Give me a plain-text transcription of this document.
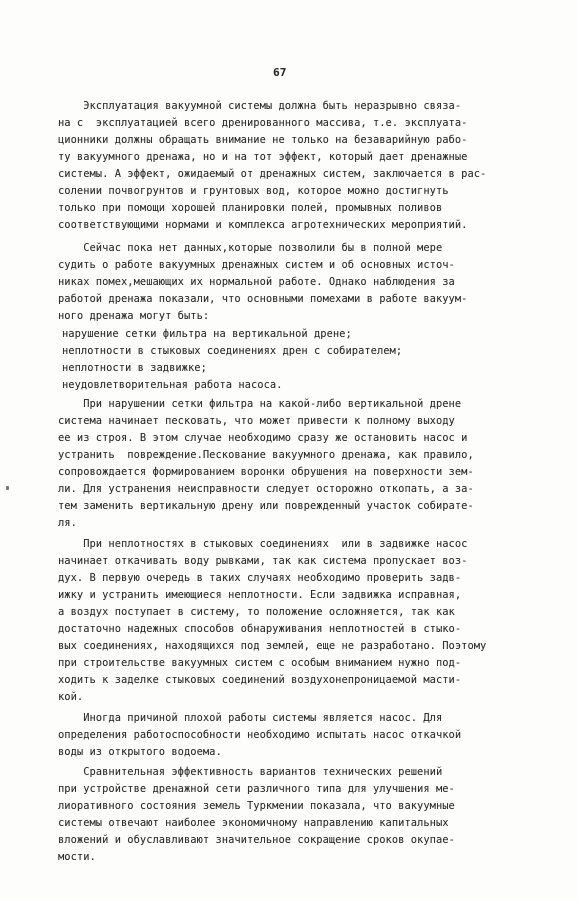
67
Эксплуатация вакуумной системы должна быть неразрывно связа-
на с  эксплуатацией всего дренированного массива, т.е. эксплуата-
ционники должны обращать внимание не только на безаварийную рабо-
ту вакуумного дренажа, но и на тот эффект, который дает дренажные
системы. А эффект, ожидаемый от дренажных систем, заключается в рас-
солении почвогрунтов и грунтовых вод, которое можно достигнуть
только при помощи хорошей планировки полей, промывных поливов
соответствующими нормами и комплекса агротехнических мероприятий.
Сейчас пока нет данных,которые позволили бы в полной мере
судить о работе вакуумных дренажных систем и об основных источ-
никах помех,мешающих их нормальной работе. Однако наблюдения за
работой дренажа показали, что основными помехами в работе вакуум-
ного дренажа могут быть:
нарушение сетки фильтра на вертикальной дрене;
неплотности в стыковых соединениях дрен с собирателем;
неплотности в задвижке;
неудовлетворительная работа насоса.
При нарушении сетки фильтра на какой-либо вертикальной дрене
система начинает песковать, что может привести к полному выходу
ее из строя. В этом случае необходимо сразу же остановить насос и
устранить  повреждение.Пескование вакуумного дренажа, как правило,
сопровождается формированием воронки обрушения на поверхности зем-
ли. Для устранения неисправности следует осторожно откопать, а за-
тем заменить вертикальную дрену или поврежденный участок собирате-
ля.
При неплотностях в стыковых соединениях  или в задвижке насос
начинает откачивать воду рывками, так как система пропускает воз-
дух. В первую очередь в таких случаях необходимо проверить задв-
ижку и устранить имеющиеся неплотности. Если задвижка исправная,
а воздух поступает в систему, то положение осложняется, так как
достаточно надежных способов обнаруживания неплотностей в стыко-
вых соединениях, находящихся под землей, еще не разработано. Поэтому
при строительстве вакуумных систем с особым вниманием нужно под-
ходить к заделке стыковых соединений воздухонепроницаемой масти-
кой.
Иногда причиной плохой работы системы является насос. Для
определения работоспособности необходимо испытать насос откачкой
воды из открытого водоема.
Сравнительная эффективность вариантов технических решений
при устройстве дренажной сети различного типа для улучшения ме-
лиоративного состояния земель Туркмении показала, что вакуумные
системы отвечают наиболее экономичному направлению капитальных
вложений и обуславливают значительное сокращение сроков окупае-
мости.
